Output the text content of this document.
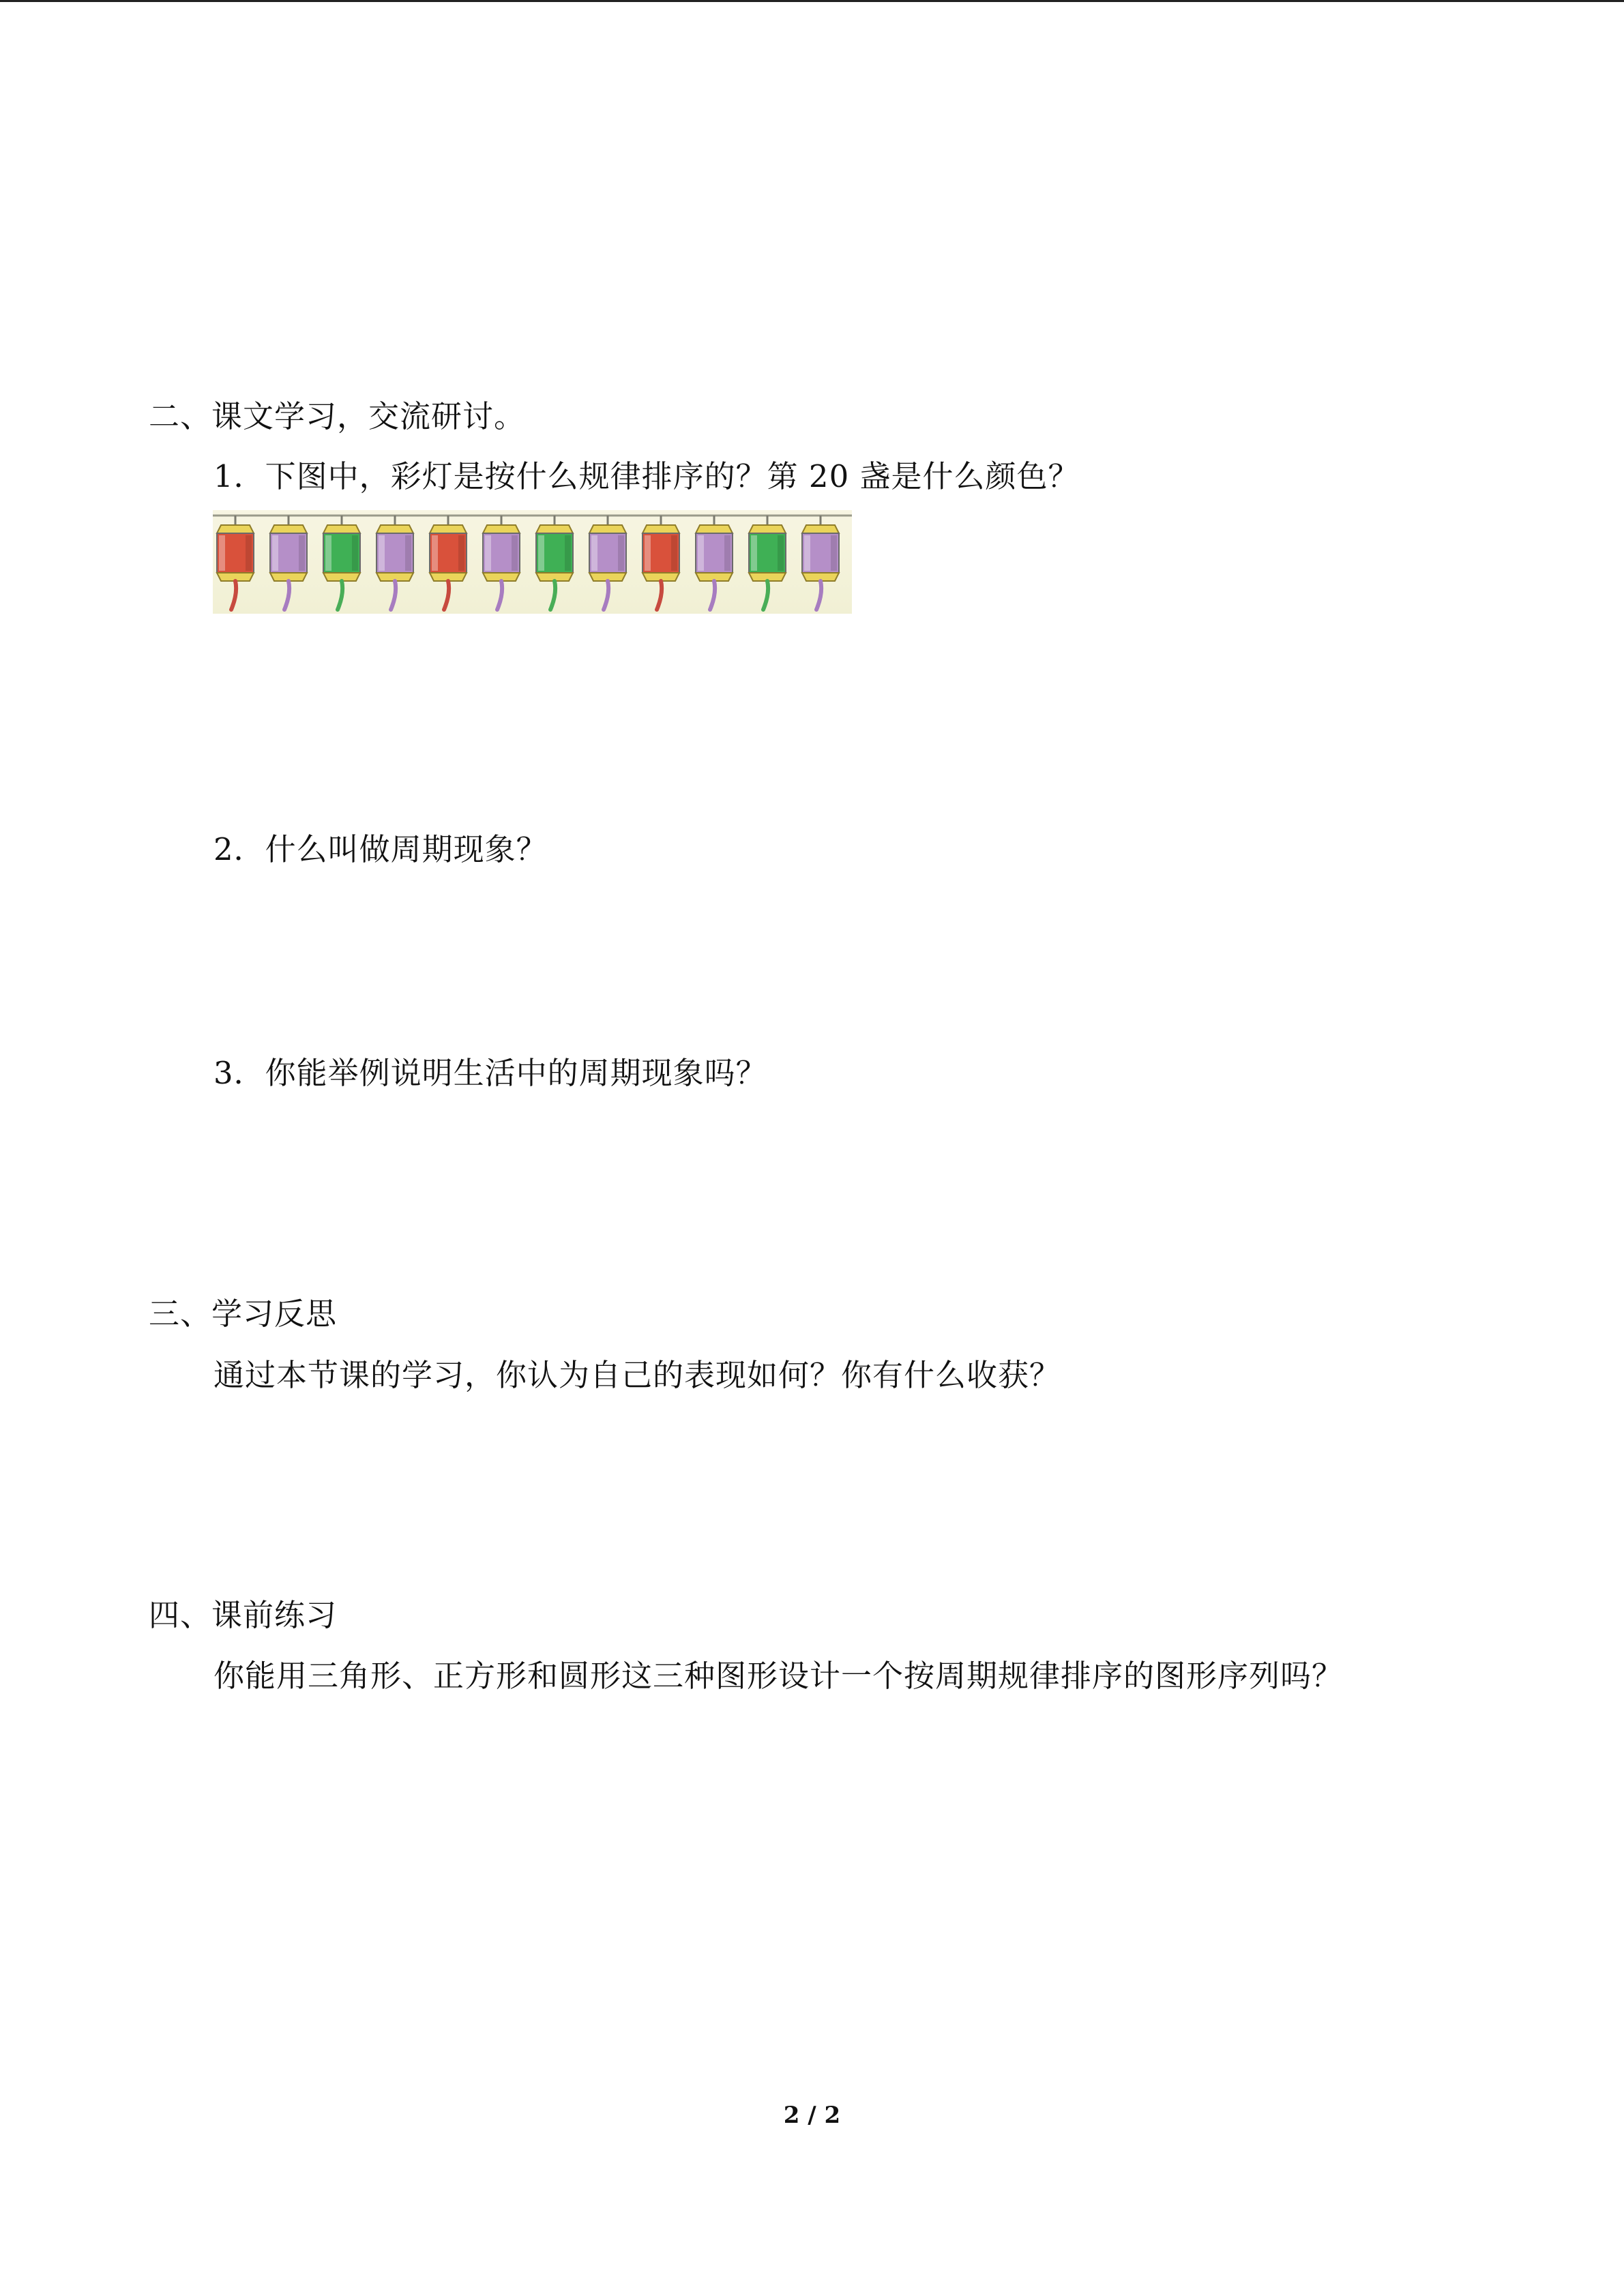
二、课文学习，交流研讨。
1．下图中，彩灯是按什么规律排序的？第 20 盏是什么颜色？
2．什么叫做周期现象？
3．你能举例说明生活中的周期现象吗？
三、学习反思
通过本节课的学习，你认为自己的表现如何？你有什么收获？
四、课前练习
你能用三角形、正方形和圆形这三种图形设计一个按周期规律排序的图形序列吗？
2 / 2
